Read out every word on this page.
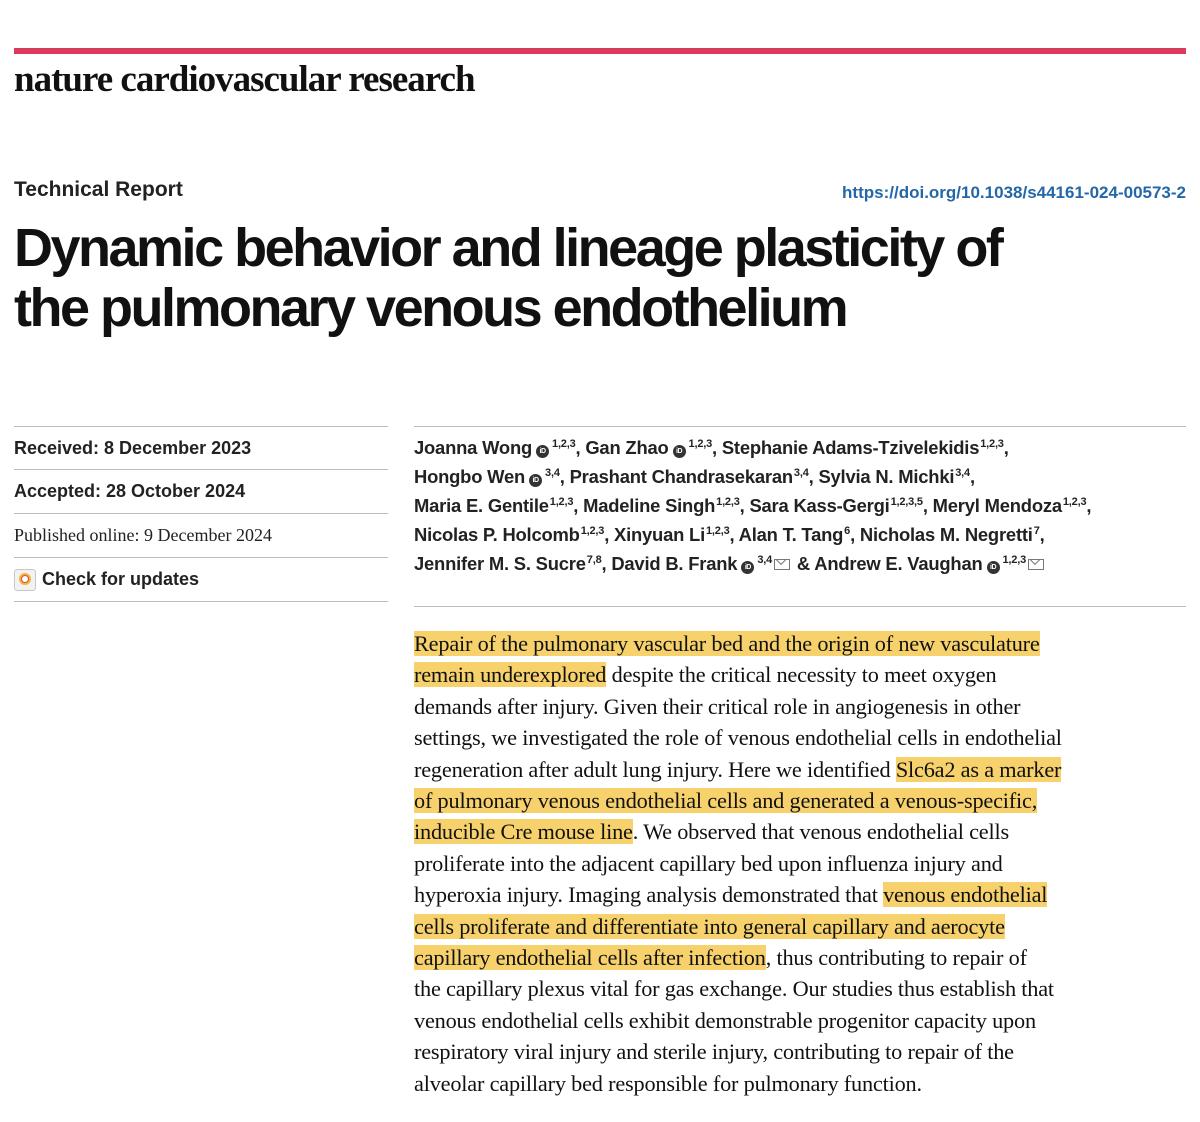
nature cardiovascular research
Technical Report	https://doi.org/10.1038/s44161-024-00573-2
Dynamic behavior and lineage plasticity of
the pulmonary venous endothelium
Received: 8 December 2023
Accepted: 28 October 2024
Published online: 9 December 2024
Check for updates

Joanna Wong iD$^{1,2,3}$, Gan Zhao iD$^{1,2,3}$, Stephanie Adams-Tzivelekidis$^{1,2,3}$,
Hongbo Wen iD$^{3,4}$, Prashant Chandrasekaran$^{3,4}$, Sylvia N. Michki$^{3,4}$,
Maria E. Gentile$^{1,2,3}$, Madeline Singh$^{1,2,3}$, Sara Kass-Gergi$^{1,2,3,5}$, Meryl Mendoza$^{1,2,3}$,
Nicolas P. Holcomb$^{1,2,3}$, Xinyuan Li$^{1,2,3}$, Alan T. Tang$^6$, Nicholas M. Negretti$^7$,
Jennifer M. S. Sucre$^{7,8}$, David B. Frank iD$^{3,4}$ & Andrew E. Vaughan iD$^{1,2,3}$

Repair of the pulmonary vascular bed and the origin of new vasculature
remain underexplored despite the critical necessity to meet oxygen
demands after injury. Given their critical role in angiogenesis in other
settings, we investigated the role of venous endothelial cells in endothelial
regeneration after adult lung injury. Here we identified Slc6a2 as a marker
of pulmonary venous endothelial cells and generated a venous-specific,
inducible Cre mouse line. We observed that venous endothelial cells
proliferate into the adjacent capillary bed upon influenza injury and
hyperoxia injury. Imaging analysis demonstrated that venous endothelial
cells proliferate and differentiate into general capillary and aerocyte
capillary endothelial cells after infection, thus contributing to repair of
the capillary plexus vital for gas exchange. Our studies thus establish that
venous endothelial cells exhibit demonstrable progenitor capacity upon
respiratory viral injury and sterile injury, contributing to repair of the
alveolar capillary bed responsible for pulmonary function.
